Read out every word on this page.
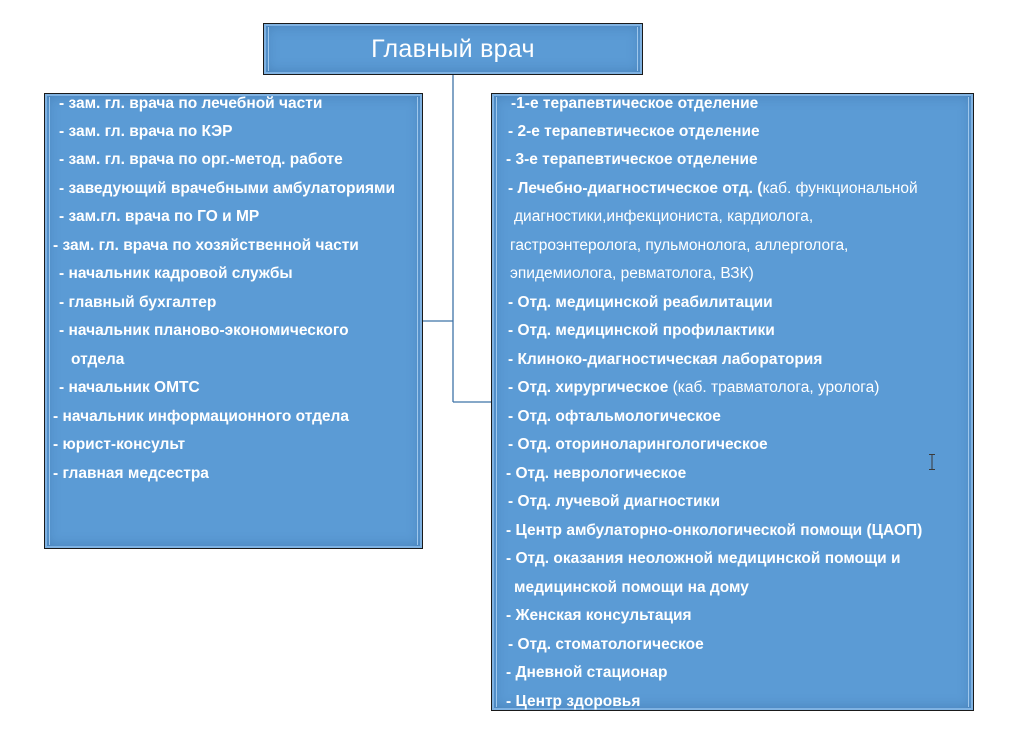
Главный врач
- зам. гл. врача по лечебной части
- зам. гл. врача по КЭР
- зам. гл. врача по орг.-метод. работе
- заведующий врачебными амбулаториями
- зам.гл. врача по ГО и МР
- зам. гл. врача по хозяйственной части
- начальник кадровой службы
- главный бухгалтер
- начальник планово-экономического
отдела
- начальник ОМТС
- начальник информационного отдела
- юрист-консульт
- главная медсестра
-1-е терапевтическое отделение
- 2-е терапевтическое отделение
- 3-е терапевтическое отделение
- Лечебно-диагностическое отд. (каб. функциональной
диагностики,инфекциониста, кардиолога,
гастроэнтеролога, пульмонолога, аллерголога,
эпидемиолога, ревматолога, ВЗК)
- Отд. медицинской реабилитации
- Отд. медицинской профилактики
- Клиноко-диагностическая лаборатория
- Отд. хирургическое (каб. травматолога, уролога)
- Отд. офтальмологическое
- Отд. оториноларингологическое
- Отд. неврологическое
- Отд. лучевой диагностики
- Центр амбулаторно-онкологической помощи (ЦАОП)
- Отд. оказания неоложной медицинской помощи и
медицинской помощи на дому
- Женская консультация
- Отд. стоматологическое
- Дневной стационар
- Центр здоровья
